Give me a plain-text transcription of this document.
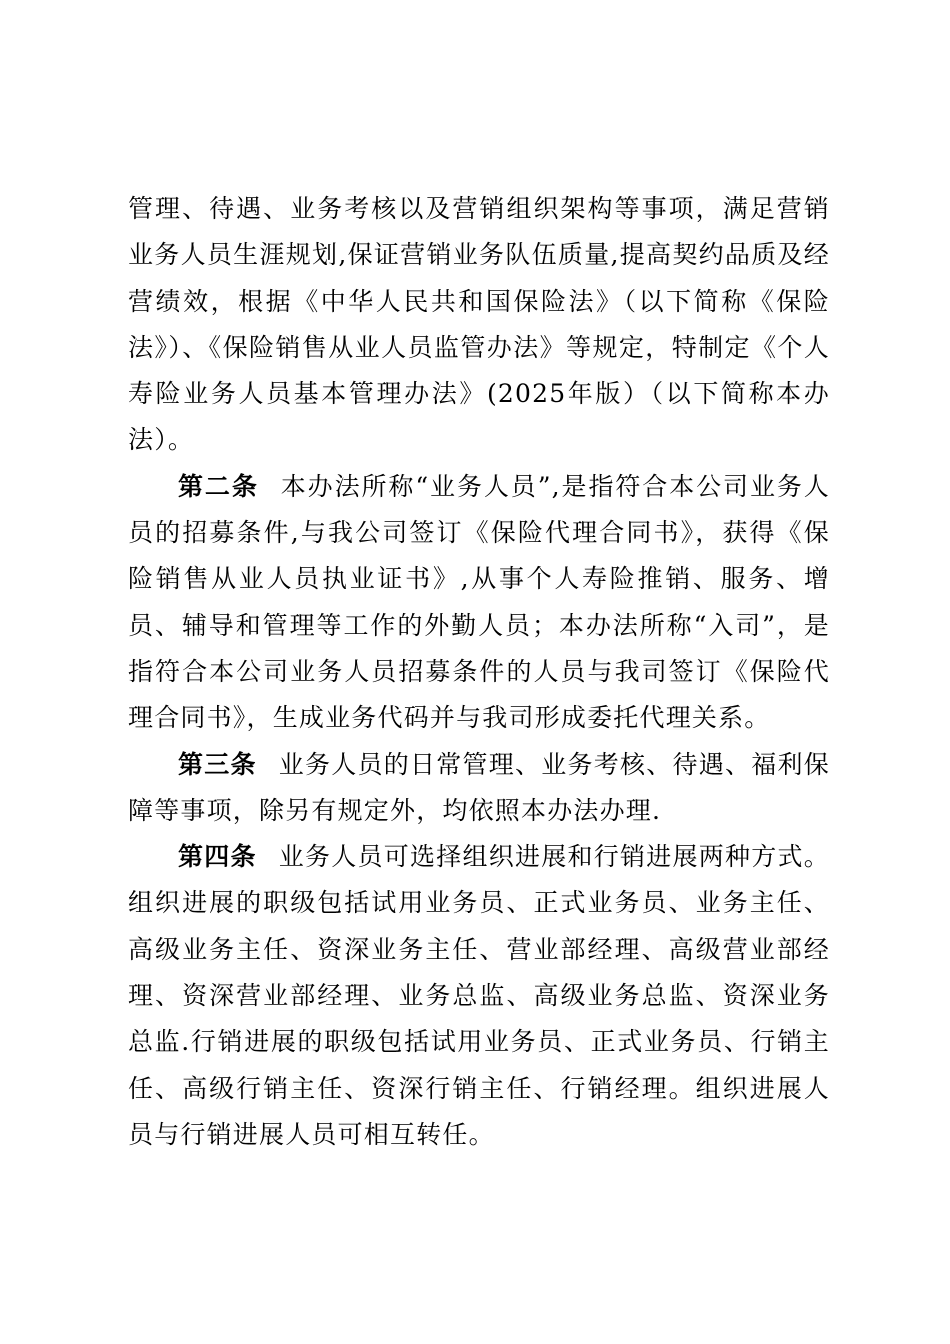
管理、待遇、业务考核以及营销组织架构等事项，满足营销业务人员生涯规划,保证营销业务队伍质量,提高契约品质及经营绩效，根据《中华人民共和国保险法》（以下简称《保险法》）、《保险销售从业人员监管办法》等规定，特制定《个人寿险业务人员基本管理办法》(2025年版）（以下简称本办法）。

第二条 本办法所称“业务人员”,是指符合本公司业务人员的招募条件,与我公司签订《保险代理合同书》，获得《保险销售从业人员执业证书》,从事个人寿险推销、服务、增员、辅导和管理等工作的外勤人员；本办法所称“入司”，是指符合本公司业务人员招募条件的人员与我司签订《保险代理合同书》，生成业务代码并与我司形成委托代理关系。

第三条 业务人员的日常管理、业务考核、待遇、福利保障等事项，除另有规定外，均依照本办法办理.

第四条 业务人员可选择组织进展和行销进展两种方式。组织进展的职级包括试用业务员、正式业务员、业务主任、高级业务主任、资深业务主任、营业部经理、高级营业部经理、资深营业部经理、业务总监、高级业务总监、资深业务总监.行销进展的职级包括试用业务员、正式业务员、行销主任、高级行销主任、资深行销主任、行销经理。组织进展人员与行销进展人员可相互转任。
